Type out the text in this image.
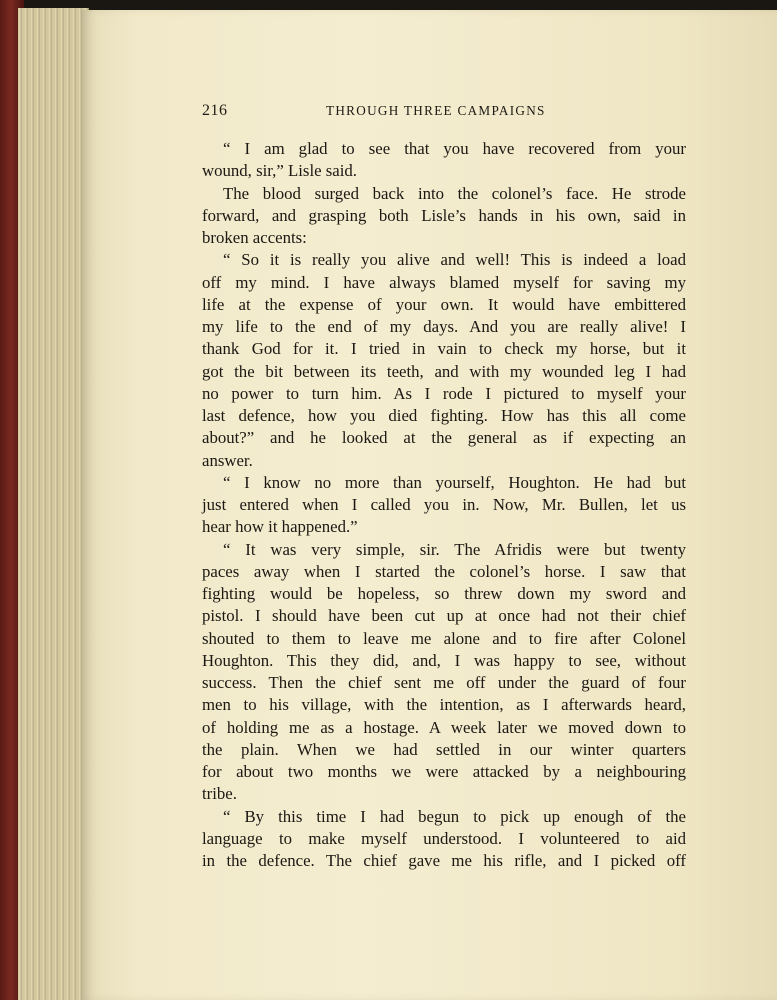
216	THROUGH THREE CAMPAIGNS
“ I am glad to see that you have recovered from your
wound, sir,” Lisle said.
The blood surged back into the colonel’s face. He strode
forward, and grasping both Lisle’s hands in his own, said in
broken accents:
“ So it is really you alive and well! This is indeed a load
off my mind. I have always blamed myself for saving my
life at the expense of your own. It would have embittered
my life to the end of my days. And you are really alive! I
thank God for it. I tried in vain to check my horse, but it
got the bit between its teeth, and with my wounded leg I had
no power to turn him. As I rode I pictured to myself your
last defence, how you died fighting. How has this all come
about?” and he looked at the general as if expecting an
answer.
“ I know no more than yourself, Houghton. He had but
just entered when I called you in. Now, Mr. Bullen, let us
hear how it happened.”
“ It was very simple, sir. The Afridis were but twenty
paces away when I started the colonel’s horse. I saw that
fighting would be hopeless, so threw down my sword and
pistol. I should have been cut up at once had not their chief
shouted to them to leave me alone and to fire after Colonel
Houghton. This they did, and, I was happy to see, without
success. Then the chief sent me off under the guard of four
men to his village, with the intention, as I afterwards heard,
of holding me as a hostage. A week later we moved down to
the plain. When we had settled in our winter quarters
for about two months we were attacked by a neighbouring
tribe.
“ By this time I had begun to pick up enough of the
language to make myself understood. I volunteered to aid
in the defence. The chief gave me his rifle, and I picked off
